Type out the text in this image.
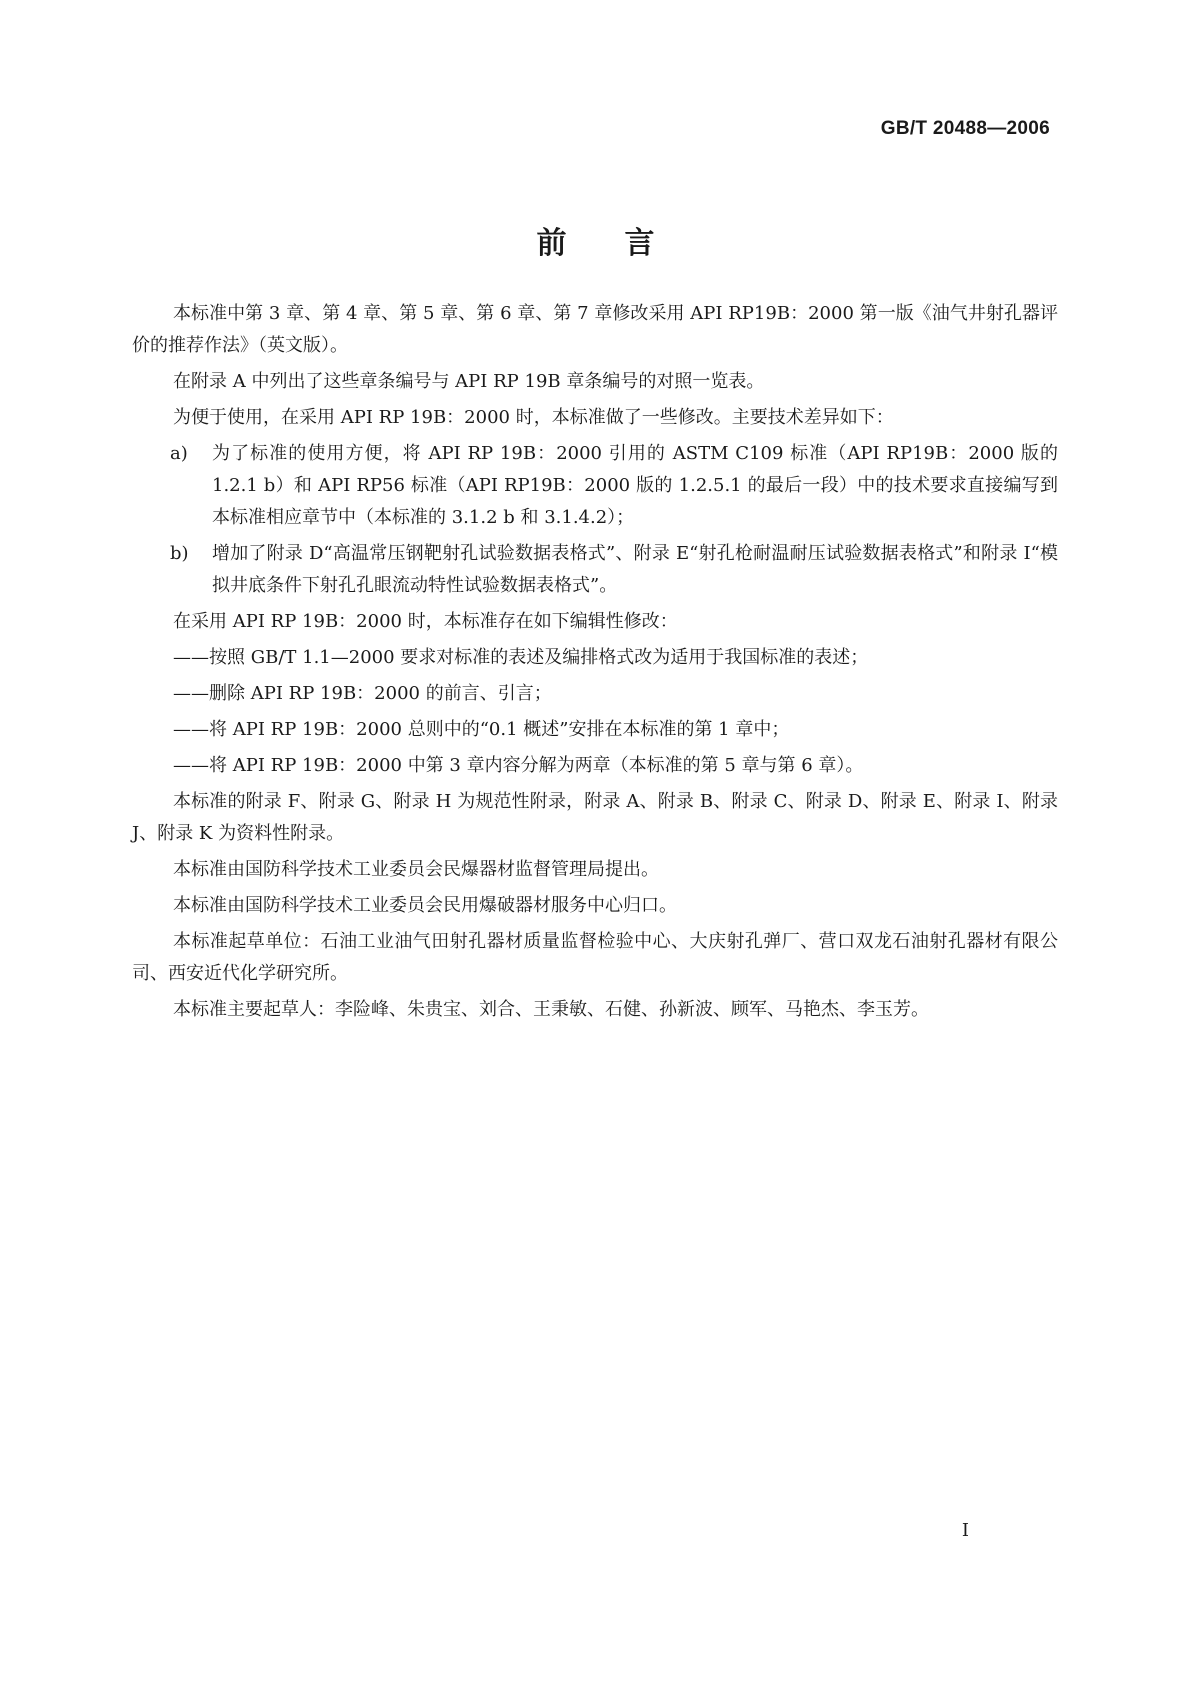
GB/T 20488—2006
前言

本标准中第 3 章、第 4 章、第 5 章、第 6 章、第 7 章修改采用 API RP19B：2000 第一版《油气井射孔器评价的推荐作法》（英文版）。

在附录 A 中列出了这些章条编号与 API RP 19B 章条编号的对照一览表。

为便于使用，在采用 API RP 19B：2000 时，本标准做了一些修改。主要技术差异如下：

a) 为了标准的使用方便，将 API RP 19B：2000 引用的 ASTM C109 标准（API RP19B：2000 版的 1.2.1 b）和 API RP56 标准（API RP19B：2000 版的 1.2.5.1 的最后一段）中的技术要求直接编写到本标准相应章节中（本标准的 3.1.2 b 和 3.1.4.2）；
b) 增加了附录 D“高温常压钢靶射孔试验数据表格式”、附录 E“射孔枪耐温耐压试验数据表格式”和附录 I“模拟井底条件下射孔孔眼流动特性试验数据表格式”。

在采用 API RP 19B：2000 时，本标准存在如下编辑性修改：

——按照 GB/T 1.1—2000 要求对标准的表述及编排格式改为适用于我国标准的表述；

——删除 API RP 19B：2000 的前言、引言；

——将 API RP 19B：2000 总则中的“0.1 概述”安排在本标准的第 1 章中；

——将 API RP 19B：2000 中第 3 章内容分解为两章（本标准的第 5 章与第 6 章）。

本标准的附录 F、附录 G、附录 H 为规范性附录，附录 A、附录 B、附录 C、附录 D、附录 E、附录 I、附录 J、附录 K 为资料性附录。

本标准由国防科学技术工业委员会民爆器材监督管理局提出。

本标准由国防科学技术工业委员会民用爆破器材服务中心归口。

本标准起草单位：石油工业油气田射孔器材质量监督检验中心、大庆射孔弹厂、营口双龙石油射孔器材有限公司、西安近代化学研究所。

本标准主要起草人：李险峰、朱贵宝、刘合、王秉敏、石健、孙新波、顾军、马艳杰、李玉芳。

I
